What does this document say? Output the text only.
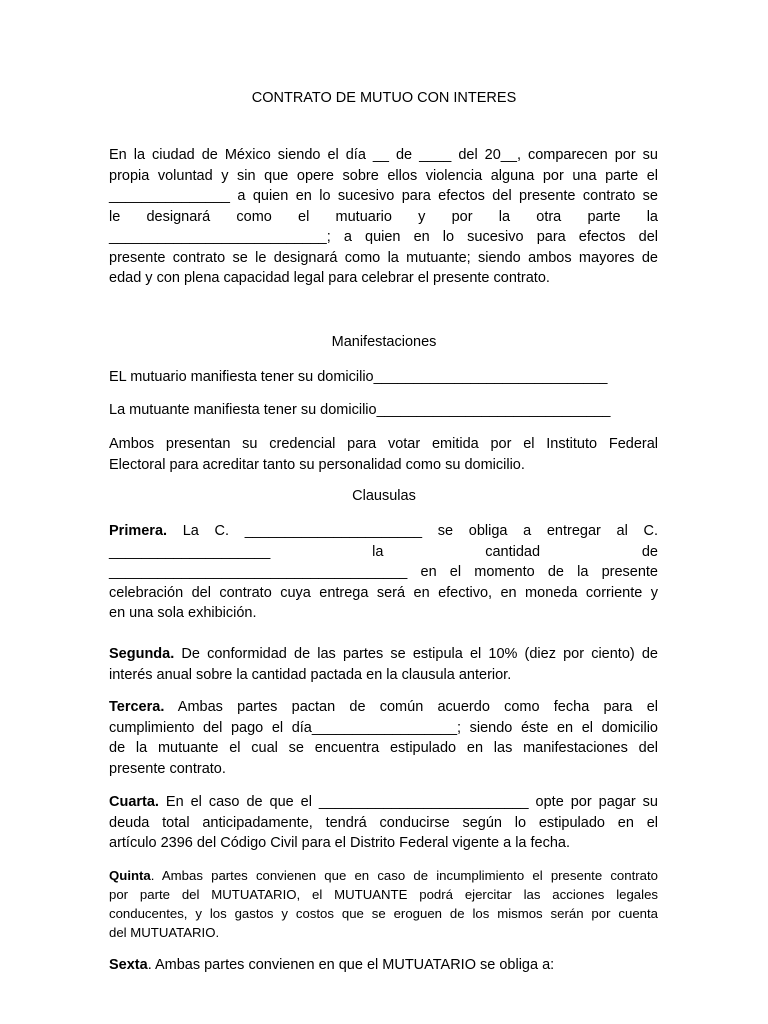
CONTRATO DE MUTUO CON INTERES
En la ciudad de México siendo el día __ de ____ del 20__, comparecen por su
propia voluntad y sin que opere sobre ellos violencia alguna por una parte el
_______________ a quien en lo sucesivo para efectos del presente contrato se
le designará como el mutuario y por la otra parte la
___________________________; a quien en lo sucesivo para efectos del
presente contrato se le designará como la mutuante; siendo ambos mayores de
edad y con plena capacidad legal para celebrar el presente contrato.
Manifestaciones
EL mutuario manifiesta tener su domicilio_____________________________
La mutuante manifiesta tener su domicilio_____________________________
Ambos presentan su credencial para votar emitida por el Instituto Federal
Electoral para acreditar tanto su personalidad como su domicilio.
Clausulas
Primera. La C. ______________________ se obliga a entregar al C.
____________________ la cantidad de
_____________________________________ en el momento de la presente
celebración del contrato cuya entrega será en efectivo, en moneda corriente y
en una sola exhibición.
Segunda. De conformidad de las partes se estipula el 10% (diez por ciento) de
interés anual sobre la cantidad pactada en la clausula anterior.
Tercera. Ambas partes pactan de común acuerdo como fecha para el
cumplimiento del pago el día__________________; siendo éste en el domicilio
de la mutuante el cual se encuentra estipulado en las manifestaciones del
presente contrato.
Cuarta. En el caso de que el __________________________ opte por pagar su
deuda total anticipadamente, tendrá conducirse según lo estipulado en el
artículo 2396 del Código Civil para el Distrito Federal vigente a la fecha.
Quinta. Ambas partes convienen que en caso de incumplimiento el presente contrato
por parte del MUTUATARIO, el MUTUANTE podrá ejercitar las acciones legales
conducentes, y los gastos y costos que se eroguen de los mismos serán por cuenta
del MUTUATARIO.
Sexta. Ambas partes convienen en que el MUTUATARIO se obliga a:
